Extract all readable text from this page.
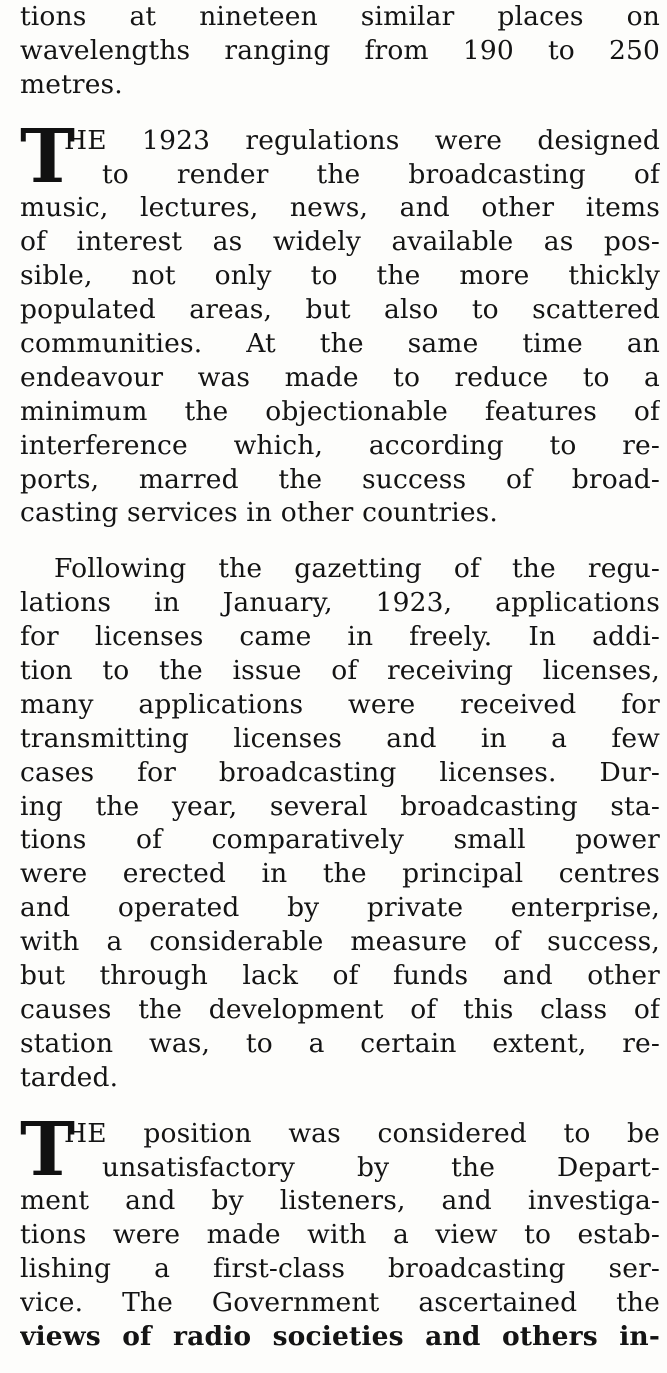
tions at nineteen similar places on
wavelengths ranging from 190 to 250
metres.
T
HE 1923 regulations were designed
to render the broadcasting of
music, lectures, news, and other items
of interest as widely available as pos-
sible, not only to the more thickly
populated areas, but also to scattered
communities. At the same time an
endeavour was made to reduce to a
minimum the objectionable features of
interference which, according to re-
ports, marred the success of broad-
casting services in other countries.
Following the gazetting of the regu-
lations in January, 1923, applications
for licenses came in freely. In addi-
tion to the issue of receiving licenses,
many applications were received for
transmitting licenses and in a few
cases for broadcasting licenses. Dur-
ing the year, several broadcasting sta-
tions of comparatively small power
were erected in the principal centres
and operated by private enterprise,
with a considerable measure of success,
but through lack of funds and other
causes the development of this class of
station was, to a certain extent, re-
tarded.
T
HE position was considered to be
unsatisfactory by the Depart-
ment and by listeners, and investiga-
tions were made with a view to estab-
lishing a first-class broadcasting ser-
vice. The Government ascertained the
views of radio societies and others in-
